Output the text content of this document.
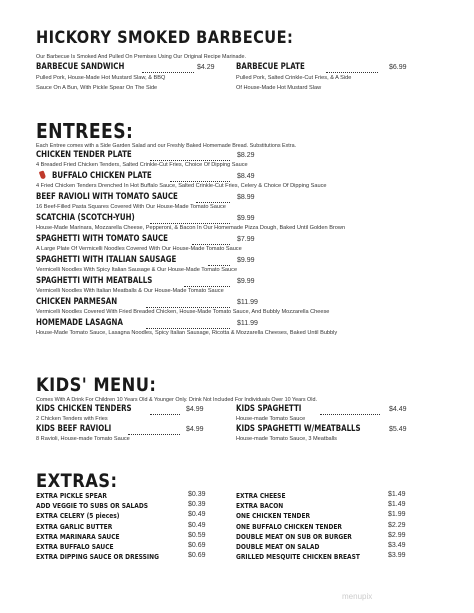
HICKORY SMOKED BARBECUE:
Our Barbecue Is Smoked And Pulled On Premises Using Our Original Recipe Marinade.
BARBECUE SANDWICH	$4.29
Pulled Pork, House-Made Hot Mustard Slaw, & BBQ
Sauce On A Bun, With Pickle Spear On The Side
BARBECUE PLATE	$6.99
Pulled Pork, Salted Crinkle-Cut Fries, & A Side
Of House-Made Hot Mustard Slaw
ENTREES:
Each Entree comes with a Side Garden Salad and our Freshly Baked Homemade Bread. Substitutions Extra.
CHICKEN TENDER PLATE	$8.29
4 Breaded Fried Chicken Tenders, Salted Crinkle-Cut Fries, Choice Of Dipping Sauce
BUFFALO CHICKEN PLATE	$8.49
4 Fried Chicken Tenders Drenched In Hot Buffalo Sauce, Salted Crinkle-Cut Fries, Celery & Choice Of Dipping Sauce
BEEF RAVIOLI WITH TOMATO SAUCE	$8.99
16 Beef-Filled Pasta Squares Covered With Our House-Made Tomato Sauce
SCATCHIA (SCOTCH-YUH)	$9.99
House-Made Marinara, Mozzarella Cheese, Pepperoni, & Bacon In Our Homemade Pizza Dough, Baked Until Golden Brown
SPAGHETTI WITH TOMATO SAUCE	$7.99
A Large Plate Of Vermicelli Noodles Covered With Our House-Made Tomato Sauce
SPAGHETTI WITH ITALIAN SAUSAGE	$9.99
Vermicelli Noodles With Spicy Italian Sausage & Our House-Made Tomato Sauce
SPAGHETTI WITH MEATBALLS	$9.99
Vermicelli Noodles With Italian Meatballs & Our House-Made Tomato Sauce
CHICKEN PARMESAN	$11.99
Vermicelli Noodles Covered With Fried Breaded Chicken, House-Made Tomato Sauce, And Bubbly Mozzarella Cheese
HOMEMADE LASAGNA	$11.99
House-Made Tomato Sauce, Lasagna Noodles, Spicy Italian Sausage, Ricotta & Mozzarella Cheeses, Baked Until Bubbly
KIDS' MENU:
Comes With A Drink For Children 10 Years Old & Younger Only. Drink Not Included For Individuals Over 10 Years Old.
KIDS CHICKEN TENDERS	$4.99
2 Chicken Tenders with Fries
KIDS BEEF RAVIOLI	$4.99
8 Ravioli, House-made Tomato Sauce
KIDS SPAGHETTI	$4.49
House-made Tomato Sauce
KIDS SPAGHETTI W/MEATBALLS	$5.49
House-made Tomato Sauce, 3 Meatballs
EXTRAS:
EXTRA PICKLE SPEAR	$0.39
ADD VEGGIE TO SUBS OR SALADS	$0.39
EXTRA CELERY (5 pieces)	$0.49
EXTRA GARLIC BUTTER	$0.49
EXTRA MARINARA SAUCE	$0.59
EXTRA BUFFALO SAUCE	$0.69
EXTRA DIPPING SAUCE OR DRESSING	$0.69
EXTRA CHEESE	$1.49
EXTRA BACON	$1.49
ONE CHICKEN TENDER	$1.99
ONE BUFFALO CHICKEN TENDER	$2.29
DOUBLE MEAT ON SUB OR BURGER	$2.99
DOUBLE MEAT ON SALAD	$3.49
GRILLED MESQUITE CHICKEN BREAST	$3.99
menupix
